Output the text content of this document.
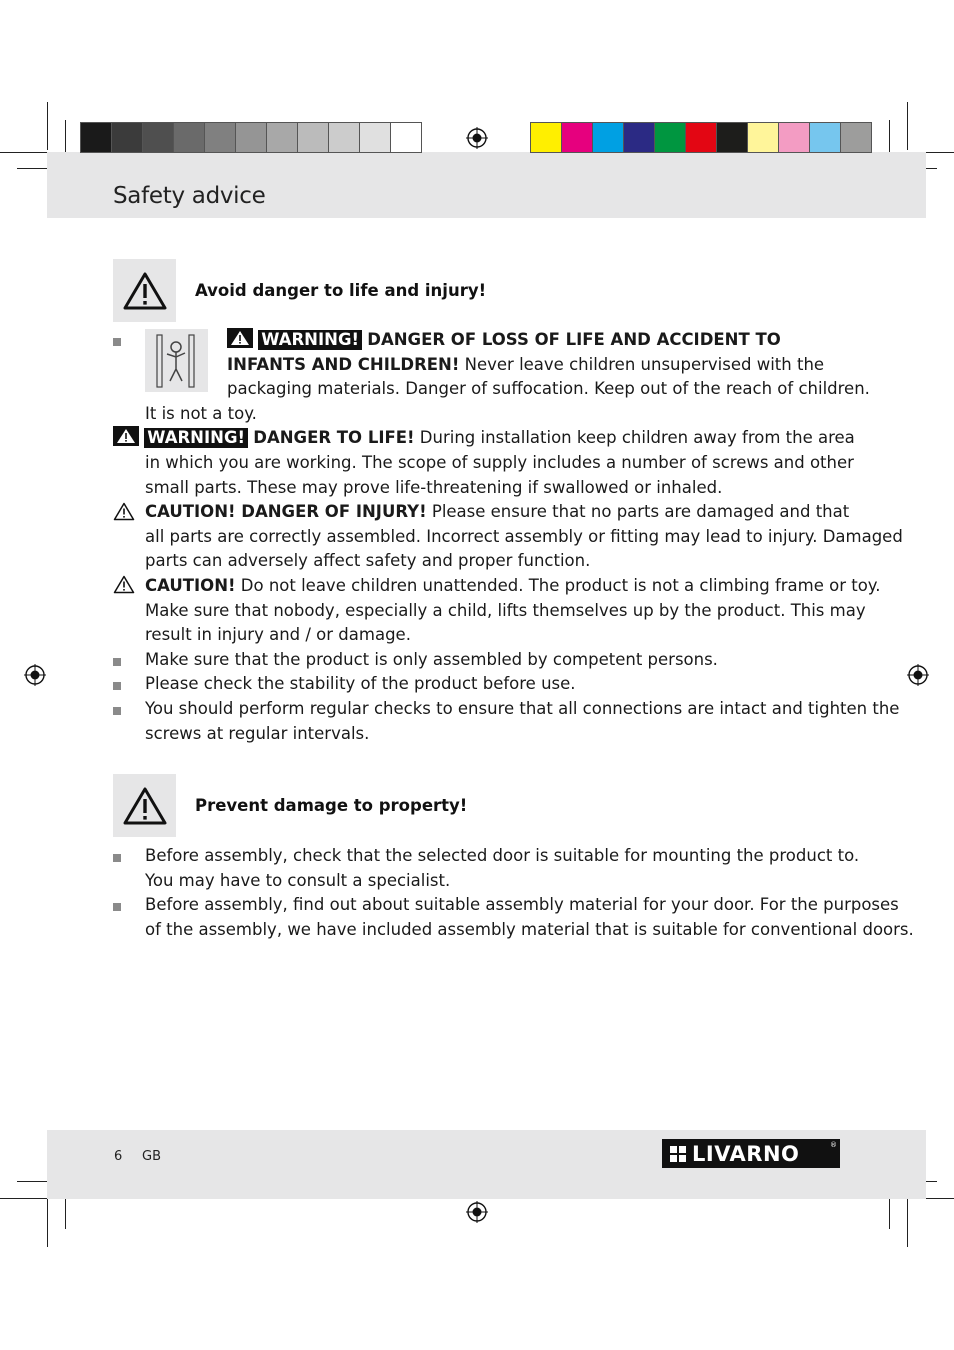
Safety advice
Avoid danger to life and injury!
WARNING! DANGER OF LOSS OF LIFE AND ACCIDENT TO
INFANTS AND CHILDREN! Never leave children unsupervised with the
packaging materials. Danger of suffocation. Keep out of the reach of children.
It is not a toy.
WARNING! DANGER TO LIFE! During installation keep children away from the area
in which you are working. The scope of supply includes a number of screws and other
small parts. These may prove life-threatening if swallowed or inhaled.
CAUTION! DANGER OF INJURY! Please ensure that no parts are damaged and that
all parts are correctly assembled. Incorrect assembly or fitting may lead to injury. Damaged
parts can adversely affect safety and proper function.
CAUTION! Do not leave children unattended. The product is not a climbing frame or toy.
Make sure that nobody, especially a child, lifts themselves up by the product. This may
result in injury and / or damage.
Make sure that the product is only assembled by competent persons.
Please check the stability of the product before use.
You should perform regular checks to ensure that all connections are intact and tighten the
screws at regular intervals.
Prevent damage to property!
Before assembly, check that the selected door is suitable for mounting the product to.
You may have to consult a specialist.
Before assembly, find out about suitable assembly material for your door. For the purposes
of the assembly, we have included assembly material that is suitable for conventional doors.
6 GB	LIVARNO	®
